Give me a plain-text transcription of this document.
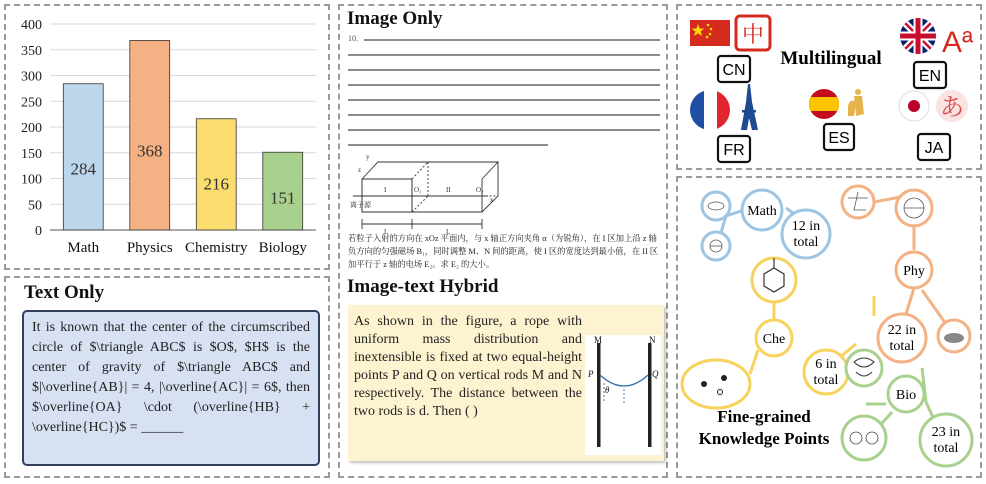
0
50
100
150
200
250
300
350
400
284
Math
368
Physics
216
Chemistry
151
Biology
Image Only
10.
离子源
I	II
L	L
O₁	O₂
y
z
x
若粒子入射的方向在 xOz 平面内，与 x 轴正方向夹角 α（为锐角），在 I 区加上沿 z 轴负方向的匀强磁场 B₁，同时调整 M、N 间的距离，使 I 区的宽度达到最小值，在 II 区加平行于 z 轴的电场 E₂。求 E₂ 的大小。
Image-text Hybrid
As shown in the figure, a rope with uniform mass distribution and inextensible is fixed at two equal-height points P and Q on vertical rods M and N respectively. The distance between the two rods is d. Then ( )
M	N
P	Q
θ
Text Only
It is known that the center of the circumscribed circle of $\triangle ABC$ is $O$, $H$ is the center of gravity of $\triangle ABC$ and $|\overline{AB}| = 4, |\overline{AC}| = 6$, then $\overline{OA} \cdot (\overline{HB} + \overline{HC})$ = ______
中
CN
FR
Multilingual
ES
Aª
EN
あ
JA
Math
12 in total
Phy
22 in total
Che
6 in total
Bio
23 in total
Fine-grained Knowledge Points
